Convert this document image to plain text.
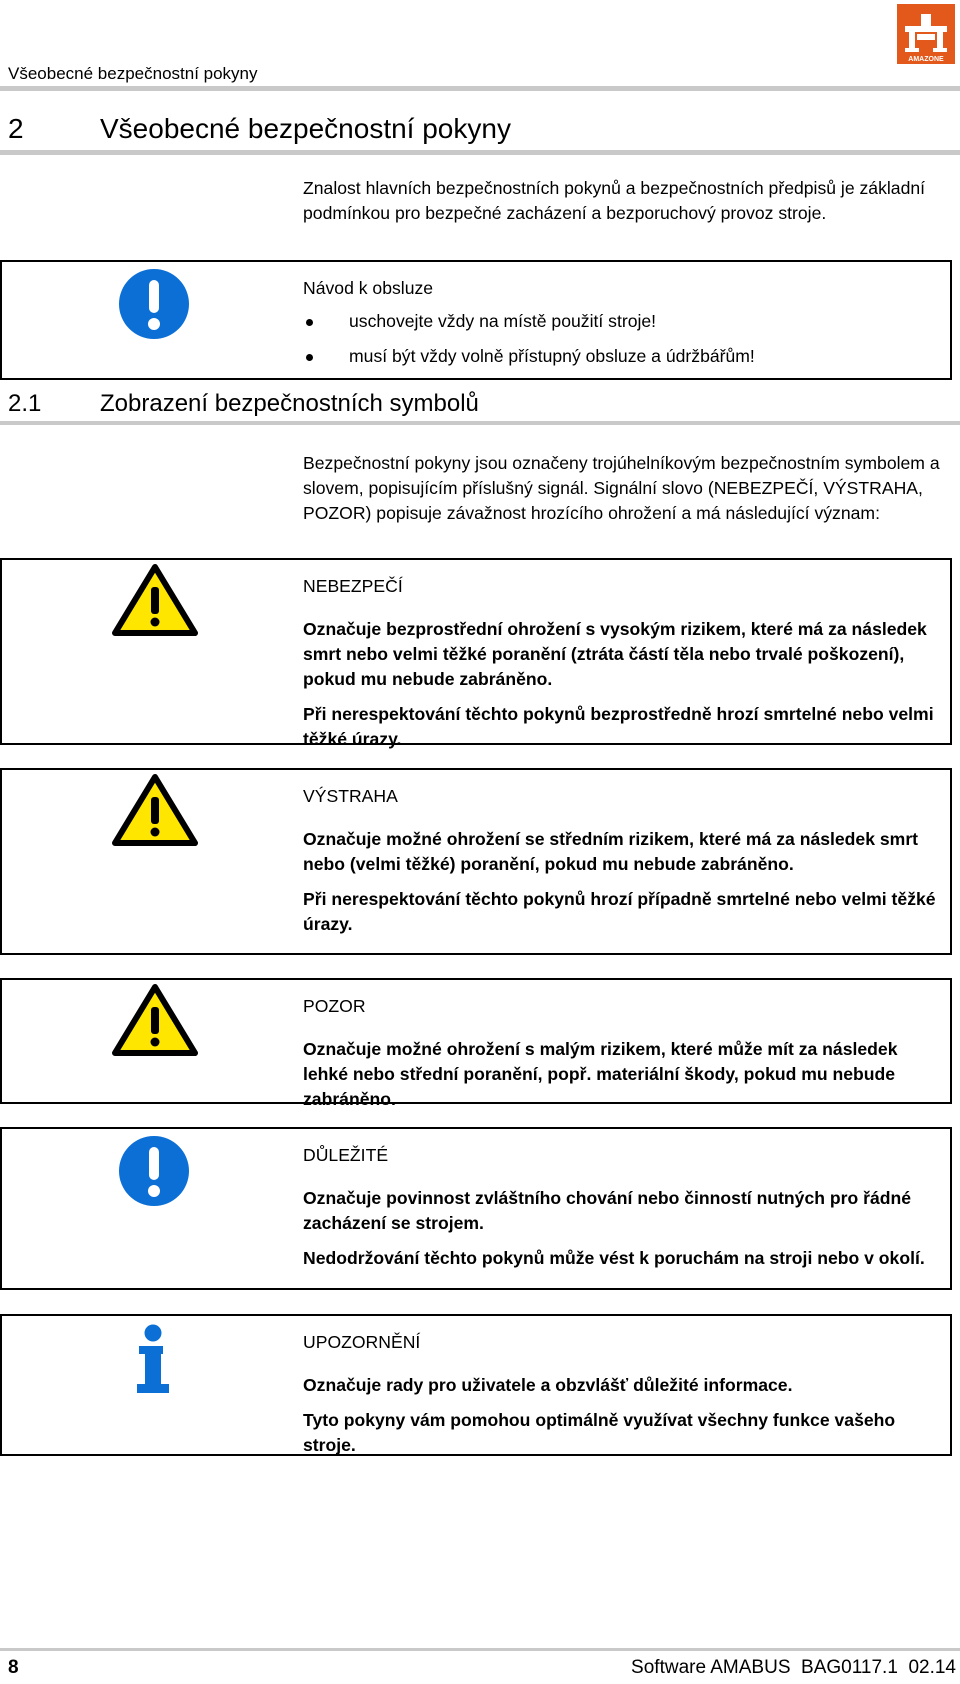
Všeobecné bezpečnostní pokyny
AMAZONE
2	Všeobecné bezpečnostní pokyny
Znalost hlavních bezpečnostních pokynů a bezpečnostních předpisů je základní podmínkou pro bezpečné zacházení a bezporuchový provoz stroje.
Návod k obsluze
uschovejte vždy na místě použití stroje!
musí být vždy volně přístupný obsluze a údržbářům!
2.1 Zobrazení bezpečnostních symbolů
Bezpečnostní pokyny jsou označeny trojúhelníkovým bezpečnostním symbolem a slovem, popisujícím příslušný signál. Signální slovo (NEBEZPEČÍ, VÝSTRAHA, POZOR) popisuje závažnost hrozícího ohrožení a má následující význam:
NEBEZPEČÍ

Označuje bezprostřední ohrožení s vysokým rizikem, které má za následek smrt nebo velmi těžké poranění (ztráta částí těla nebo trvalé poškození), pokud mu nebude zabráněno.

Při nerespektování těchto pokynů bezprostředně hrozí smrtelné nebo velmi těžké úrazy.

VÝSTRAHA

Označuje možné ohrožení se středním rizikem, které má za následek smrt nebo (velmi těžké) poranění, pokud mu nebude zabráněno.

Při nerespektování těchto pokynů hrozí případně smrtelné nebo velmi těžké úrazy.

POZOR

Označuje možné ohrožení s malým rizikem, které může mít za následek lehké nebo střední poranění, popř. materiální škody, pokud mu nebude zabráněno.

DŮLEŽITÉ

Označuje povinnost zvláštního chování nebo činností nutných pro řádné zacházení se strojem.

Nedodržování těchto pokynů může vést k poruchám na stroji nebo v okolí.

UPOZORNĚNÍ

Označuje rady pro uživatele a obzvlášť důležité informace.

Tyto pokyny vám pomohou optimálně využívat všechny funkce vašeho stroje.

8	Software AMABUS  BAG0117.1  02.14
